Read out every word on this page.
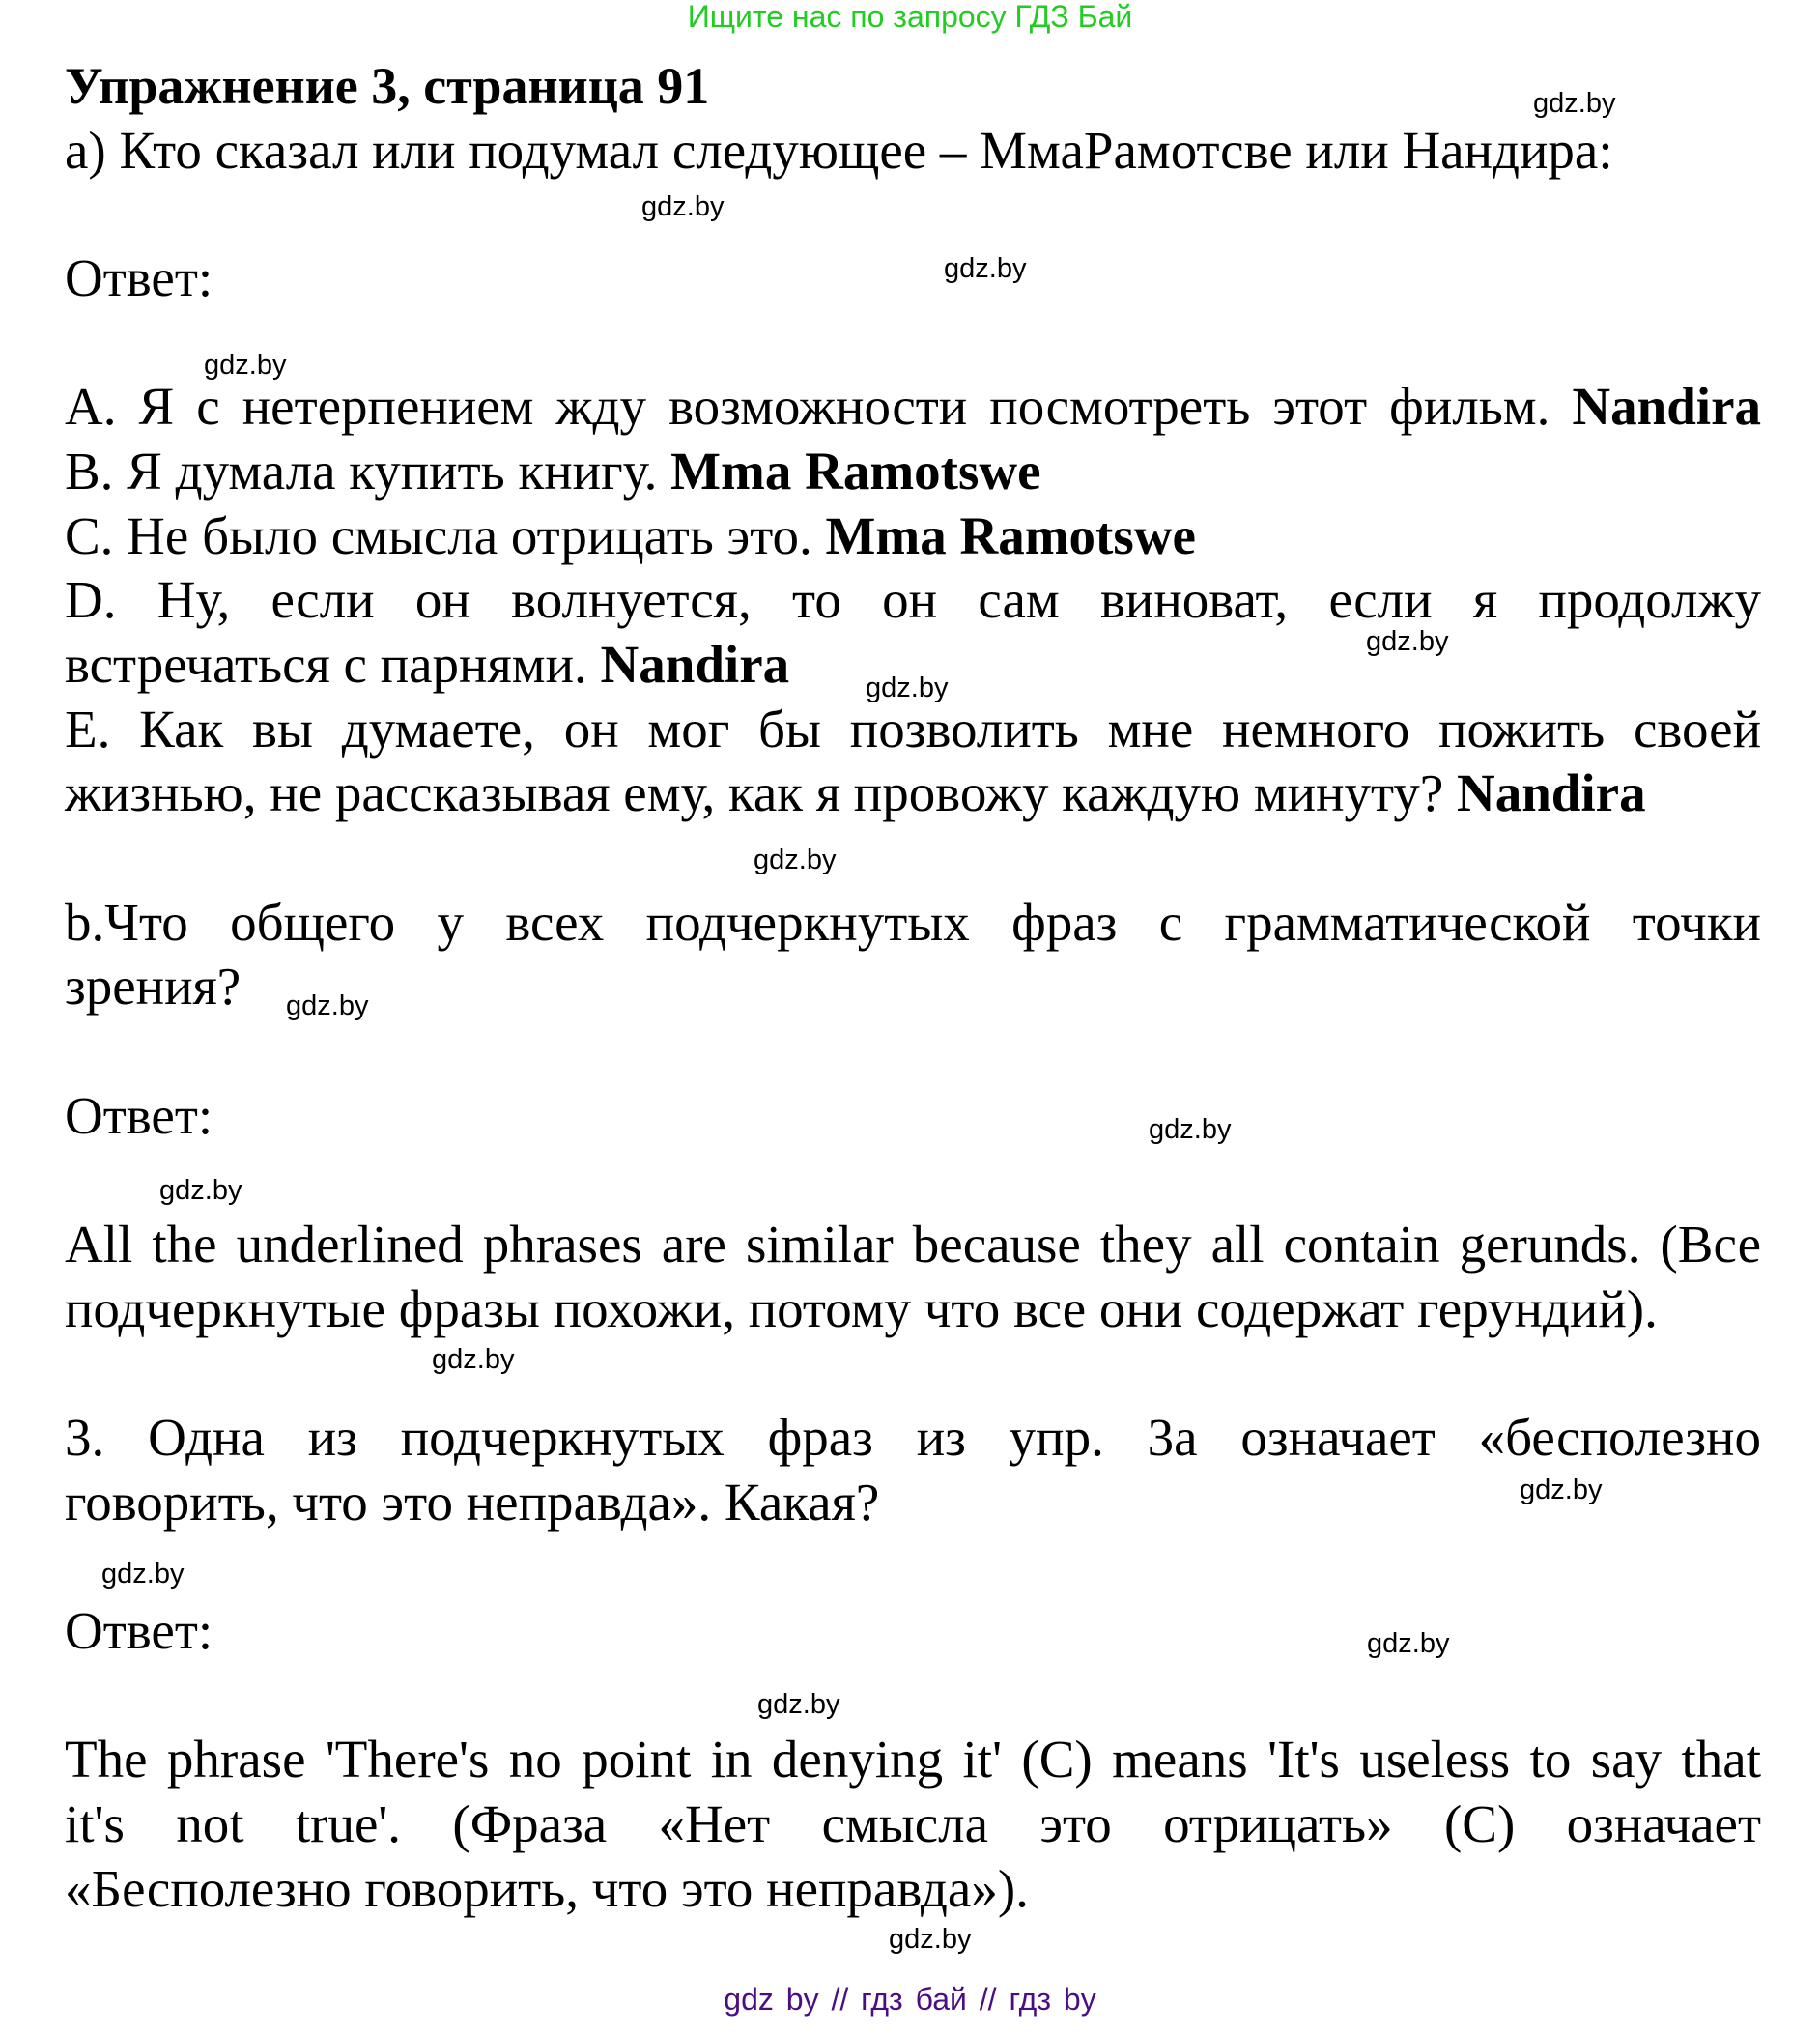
Ищите нас по запросу ГДЗ Бай
Упражнение 3, страница 91
а) Кто сказал или подумал следующее – МмаРамотсве или Нандира:
Ответ:
А. Я с нетерпением жду возможности посмотреть этот фильм. Nandira
В. Я думала купить книгу. Mma Ramotswe
С. Не было смысла отрицать это. Mma Ramotswe
D. Ну, если он волнуется, то он сам виноват, если я продолжу
встречаться с парнями. Nandira
Е. Как вы думаете, он мог бы позволить мне немного пожить своей
жизнью, не рассказывая ему, как я провожу каждую минуту? Nandira
b.Что общего у всех подчеркнутых фраз с грамматической точки
зрения?
Ответ:
All the underlined phrases are similar because they all contain gerunds. (Все
подчеркнутые фразы похожи, потому что все они содержат герундий).
3. Одна из подчеркнутых фраз из упр. 3а означает «бесполезно
говорить, что это неправда». Какая?
Ответ:
The phrase 'There's no point in denying it' (C) means 'It's useless to say that
it's not true'. (Фраза «Нет смысла это отрицать» (С) означает
«Бесполезно говорить, что это неправда»).
gdz.by
gdz.by
gdz.by
gdz.by
gdz.by
gdz.by
gdz.by
gdz.by
gdz.by
gdz.by
gdz.by
gdz.by
gdz.by
gdz.by
gdz.by
gdz.by
gdz by // гдз бай // гдз by
